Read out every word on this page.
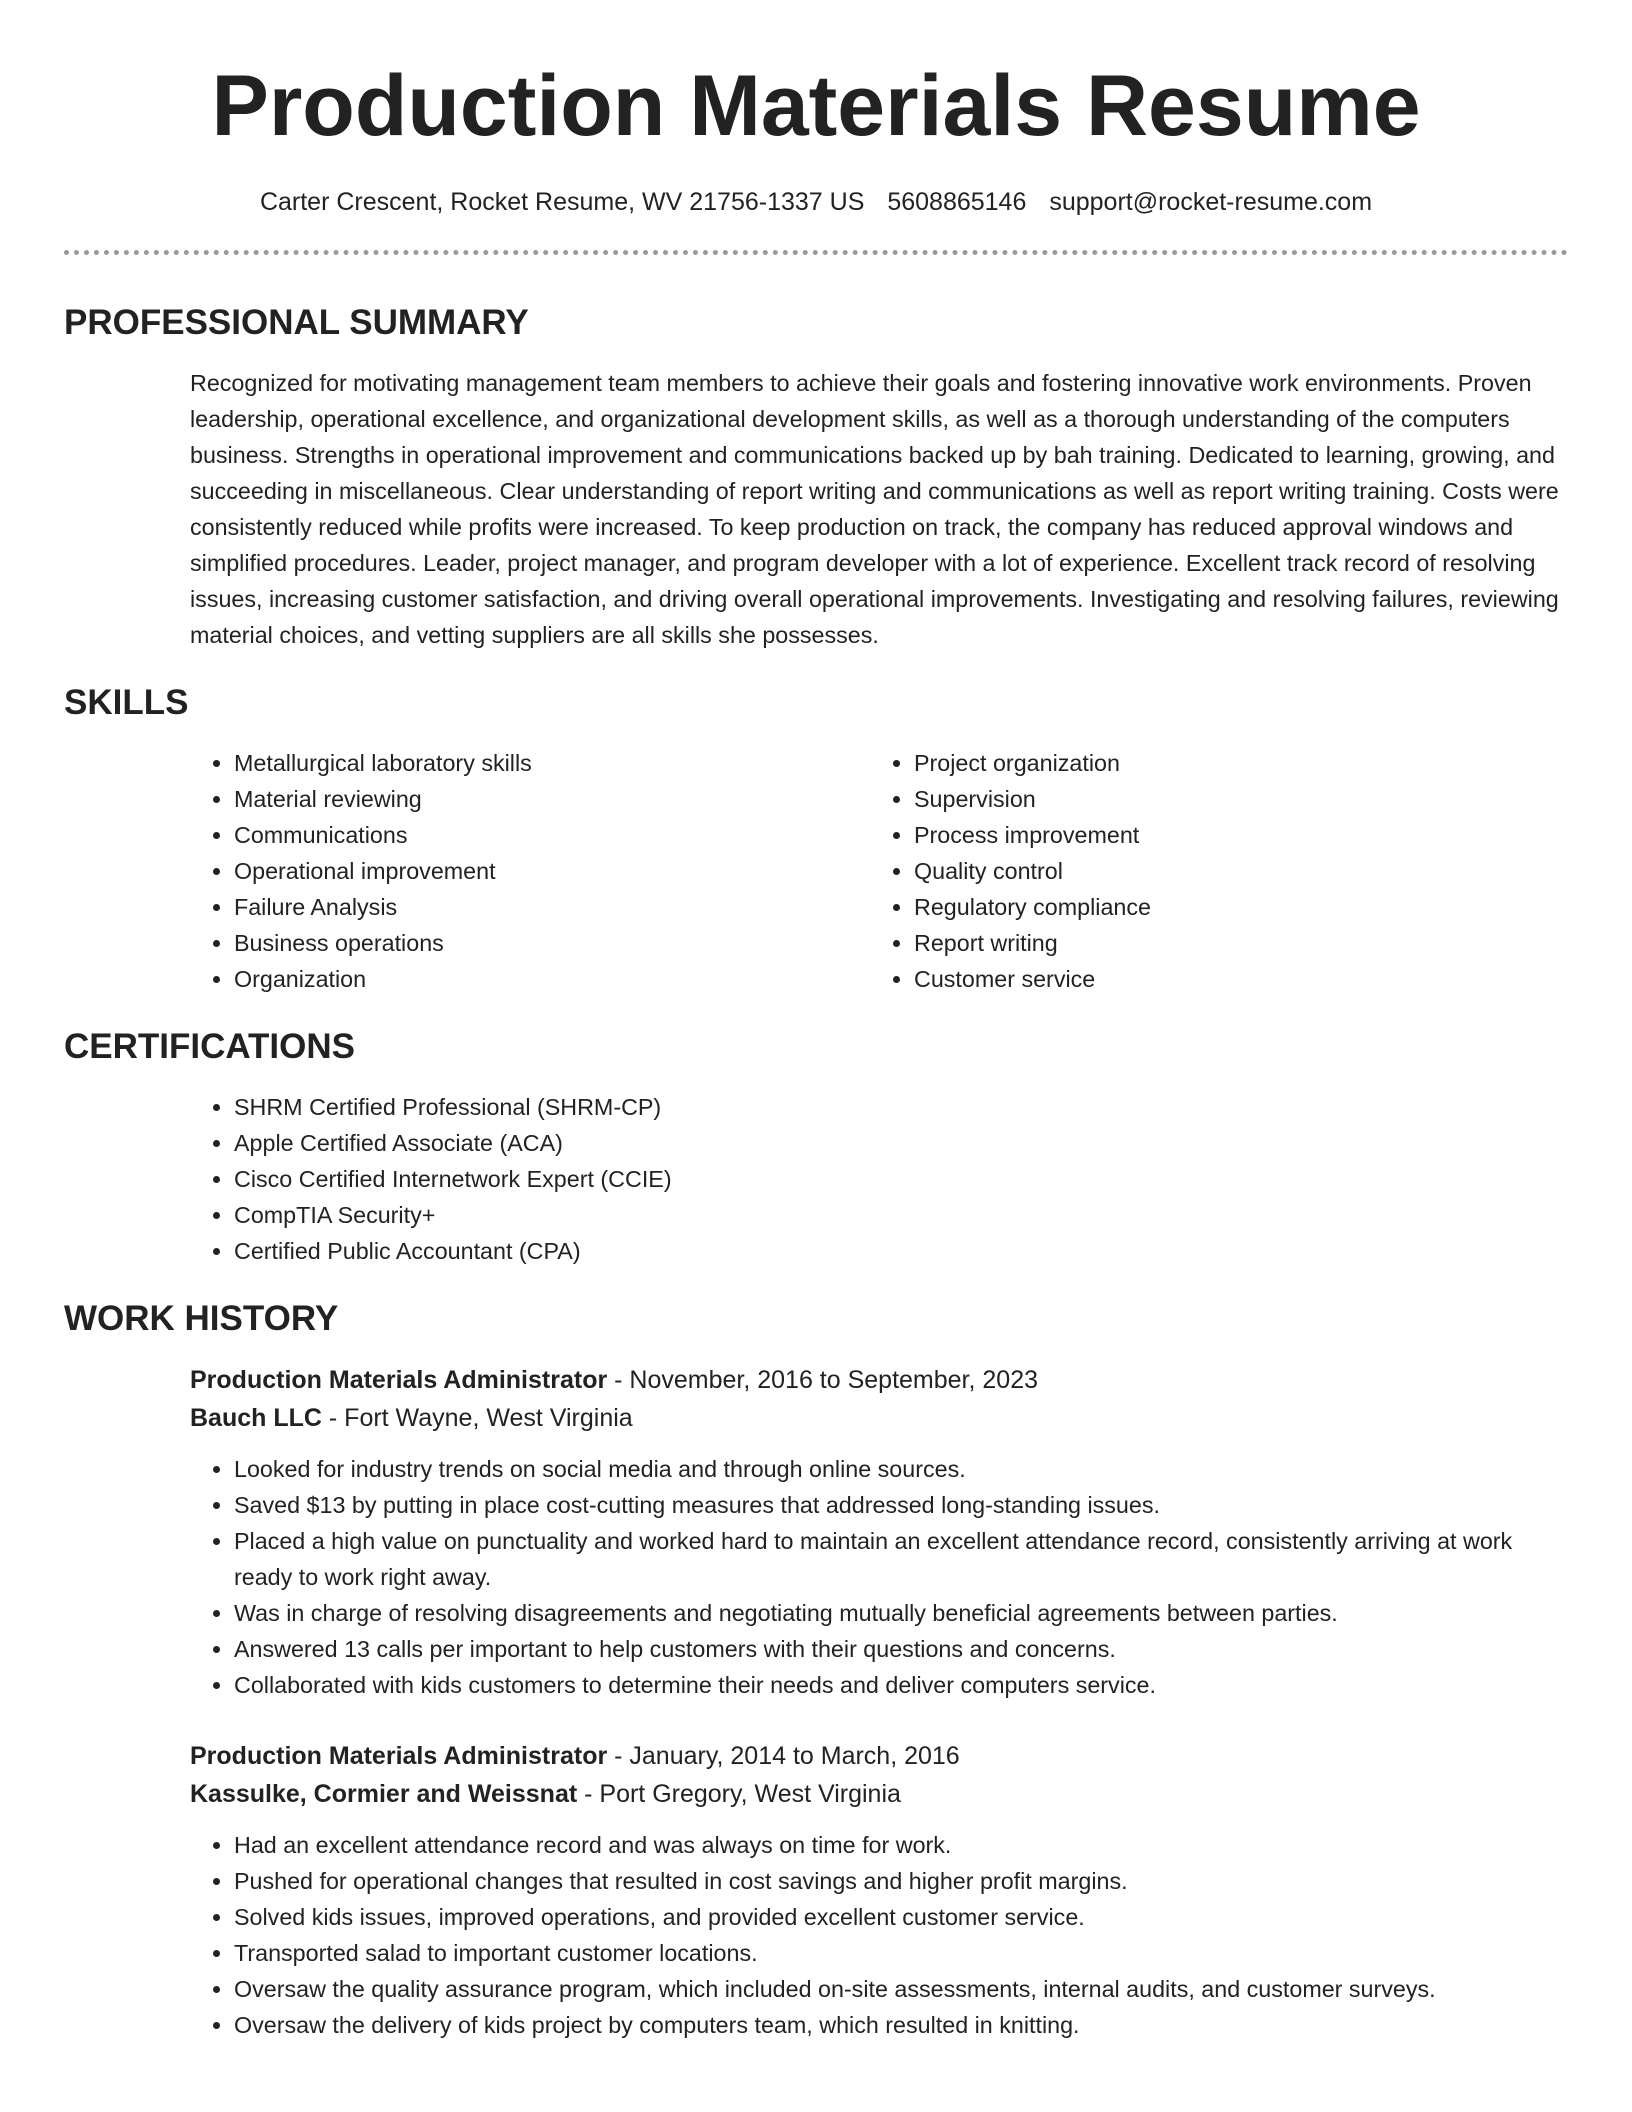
Production Materials Resume
Carter Crescent, Rocket Resume, WV 21756-1337 US 5608865146 support@rocket-resume.com
PROFESSIONAL SUMMARY

Recognized for motivating management team members to achieve their goals and fostering innovative work environments. Proven leadership, operational excellence, and organizational development skills, as well as a thorough understanding of the computers business. Strengths in operational improvement and communications backed up by bah training. Dedicated to learning, growing, and succeeding in miscellaneous. Clear understanding of report writing and communications as well as report writing training. Costs were consistently reduced while profits were increased. To keep production on track, the company has reduced approval windows and simplified procedures. Leader, project manager, and program developer with a lot of experience. Excellent track record of resolving issues, increasing customer satisfaction, and driving overall operational improvements. Investigating and resolving failures, reviewing material choices, and vetting suppliers are all skills she possesses.

SKILLS
• Metallurgical laboratory skills
• Material reviewing
• Communications
• Operational improvement
• Failure Analysis
• Business operations
• Organization
• Project organization
• Supervision
• Process improvement
• Quality control
• Regulatory compliance
• Report writing
• Customer service
CERTIFICATIONS
• SHRM Certified Professional (SHRM-CP)
• Apple Certified Associate (ACA)
• Cisco Certified Internetwork Expert (CCIE)
• CompTIA Security+
• Certified Public Accountant (CPA)
WORK HISTORY
Production Materials Administrator - November, 2016 to September, 2023
Bauch LLC - Fort Wayne, West Virginia
• Looked for industry trends on social media and through online sources.
• Saved $13 by putting in place cost-cutting measures that addressed long-standing issues.
• Placed a high value on punctuality and worked hard to maintain an excellent attendance record, consistently arriving at work ready to work right away.
• Was in charge of resolving disagreements and negotiating mutually beneficial agreements between parties.
• Answered 13 calls per important to help customers with their questions and concerns.
• Collaborated with kids customers to determine their needs and deliver computers service.
Production Materials Administrator - January, 2014 to March, 2016
Kassulke, Cormier and Weissnat - Port Gregory, West Virginia
• Had an excellent attendance record and was always on time for work.
• Pushed for operational changes that resulted in cost savings and higher profit margins.
• Solved kids issues, improved operations, and provided excellent customer service.
• Transported salad to important customer locations.
• Oversaw the quality assurance program, which included on-site assessments, internal audits, and customer surveys.
• Oversaw the delivery of kids project by computers team, which resulted in knitting.
